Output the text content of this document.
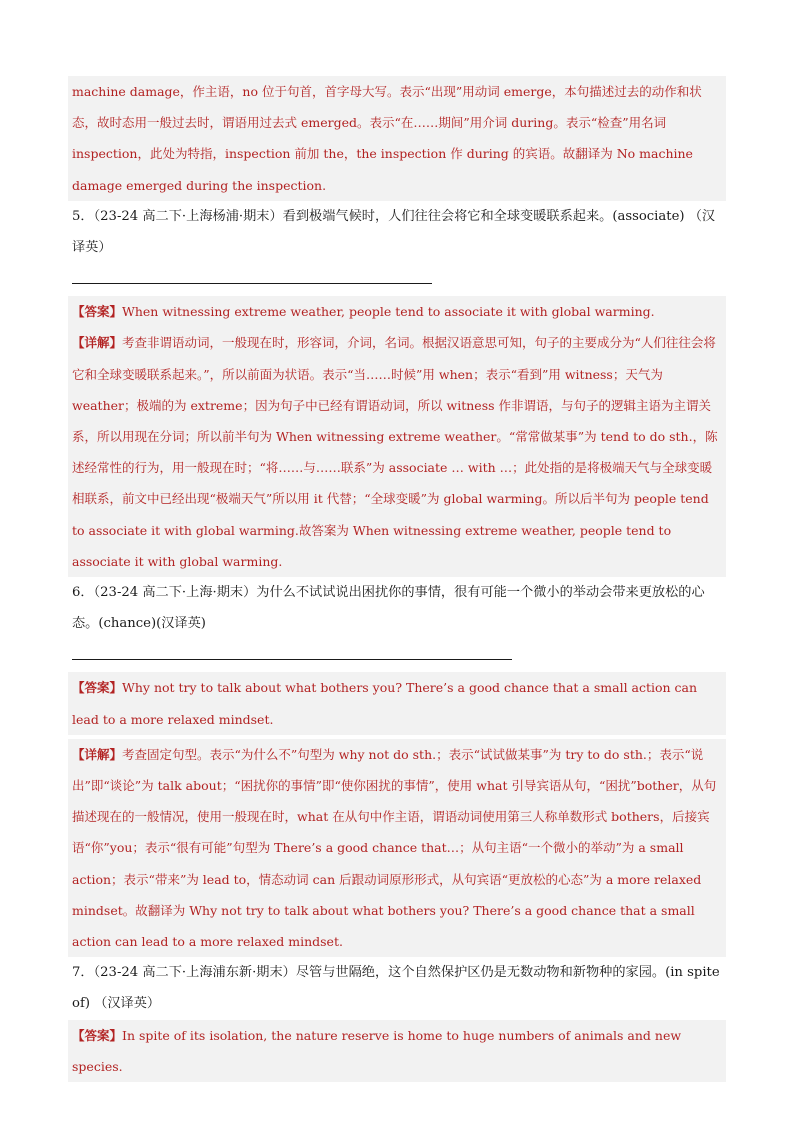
machine damage，作主语，no 位于句首，首字母大写。表示“出现”用动词 emerge，本句描述过去的动作和状态，故时态用一般过去时，谓语用过去式 emerged。表示“在……期间”用介词 during。表示“检查”用名词 inspection，此处为特指，inspection 前加 the，the inspection 作 during 的宾语。故翻译为 No machine damage emerged during the inspection.
5．（23-24 高二下·上海杨浦·期末）看到极端气候时，人们往往会将它和全球变暖联系起来。(associate) （汉译英）
【答案】When witnessing extreme weather, people tend to associate it with global warming.
【详解】考查非谓语动词，一般现在时，形容词，介词，名词。根据汉语意思可知，句子的主要成分为“人们往往会将它和全球变暖联系起来。”，所以前面为状语。表示“当……时候”用 when；表示“看到”用 witness；天气为 weather；极端的为 extreme；因为句子中已经有谓语动词，所以 witness 作非谓语，与句子的逻辑主语为主谓关系，所以用现在分词；所以前半句为 When witnessing extreme weather。“常常做某事”为 tend to do sth.，陈述经常性的行为，用一般现在时；“将……与……联系”为 associate … with …；此处指的是将极端天气与全球变暖相联系，前文中已经出现“极端天气”所以用 it 代替；“全球变暖”为 global warming。所以后半句为 people tend to associate it with global warming.故答案为 When witnessing extreme weather, people tend to associate it with global warming.
6．（23-24 高二下·上海·期末）为什么不试试说出困扰你的事情，很有可能一个微小的举动会带来更放松的心态。(chance)(汉译英)
【答案】Why not try to talk about what bothers you? There’s a good chance that a small action can lead to a more relaxed mindset.
【详解】考查固定句型。表示“为什么不”句型为 why not do sth.；表示“试试做某事”为 try to do sth.；表示“说出”即“谈论”为 talk about；“困扰你的事情”即“使你困扰的事情”，使用 what 引导宾语从句，“困扰”bother，从句描述现在的一般情况，使用一般现在时，what 在从句中作主语，谓语动词使用第三人称单数形式 bothers，后接宾语“你”you；表示“很有可能”句型为 There’s a good chance that…；从句主语“一个微小的举动”为 a small action；表示“带来”为 lead to，情态动词 can 后跟动词原形形式，从句宾语“更放松的心态”为 a more relaxed mindset。故翻译为 Why not try to talk about what bothers you? There’s a good chance that a small action can lead to a more relaxed mindset.
7．（23-24 高二下·上海浦东新·期末）尽管与世隔绝，这个自然保护区仍是无数动物和新物种的家园。(in spite of) （汉译英）
【答案】In spite of its isolation, the nature reserve is home to huge numbers of animals and new species.
